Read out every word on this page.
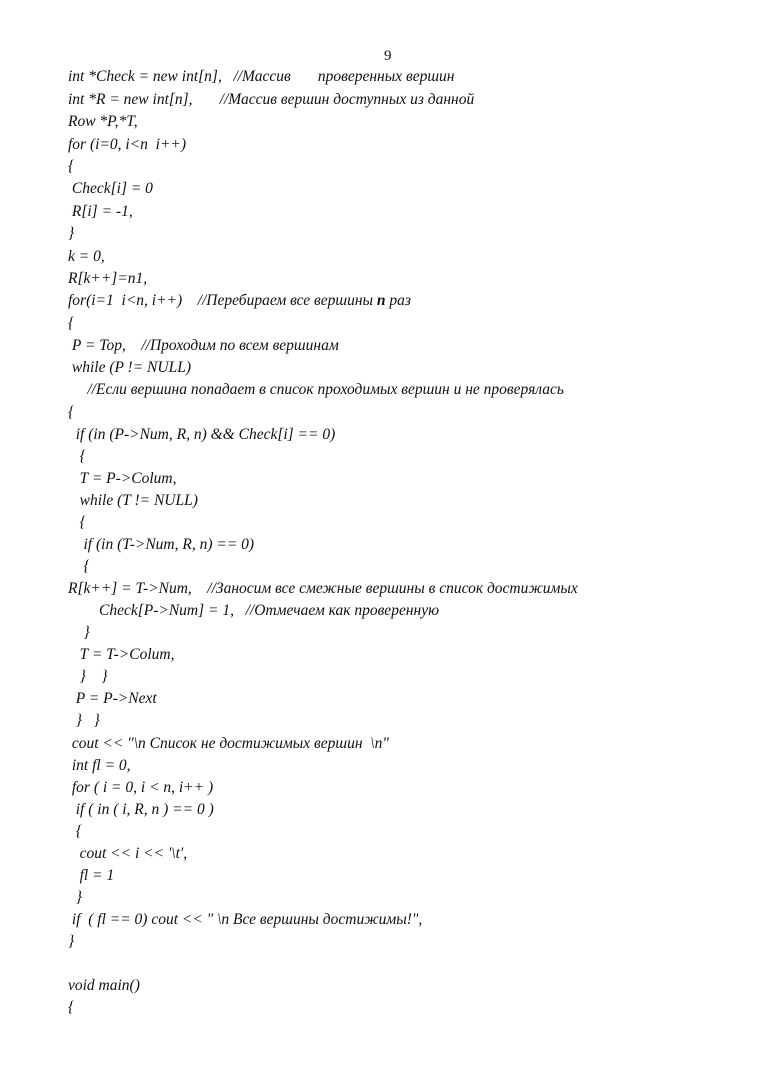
9
int *Check = new int[n],   //Массив       проверенных вершин
int *R = new int[n],       //Массив вершин доступных из данной
Row *P,*T,
for (i=0, i<n  i++)
{
Check[i] = 0
R[i] = -1,
}
k = 0,
R[k++]=n1,
for(i=1  i<n, i++)    //Перебираем все вершины n раз
{
P = Top,    //Проходим по всем вершинам
while (P != NULL)
//Если вершина попадает в список проходимых вершин и не проверялась
{
if (in (P->Num, R, n) && Check[i] == 0)
{
T = P->Colum,
while (T != NULL)
{
if (in (T->Num, R, n) == 0)
{
R[k++] = T->Num,    //Заносим все смежные вершины в список достижимых
Check[P->Num] = 1,   //Отмечаем как проверенную
}
T = T->Colum,
}    }
P = P->Next
}   }
cout << "\n Список не достижимых вершин  \n"
int fl = 0,
for ( i = 0, i < n, i++ )
if ( in ( i, R, n ) == 0 )
{
cout << i << '\t',
fl = 1
}
if  ( fl == 0) cout << " \n Все вершины достижимы!",
}
void main()
{
